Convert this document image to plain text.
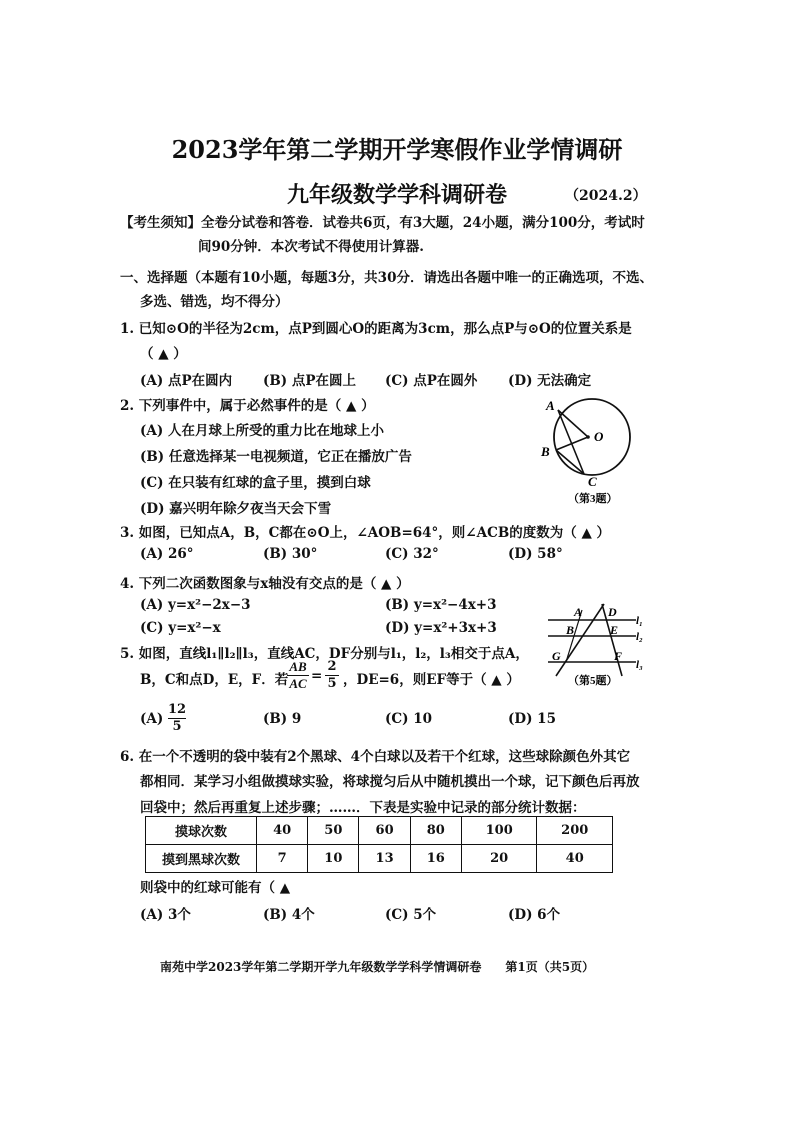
2023学年第二学期开学寒假作业学情调研
九年级数学学科调研卷	（2024.2）
【考生须知】全卷分试卷和答卷．试卷共6页，有3大题，24小题，满分100分，考试时
间90分钟．本次考试不得使用计算器.
一、选择题（本题有10小题，每题3分，共30分．请选出各题中唯一的正确选项，不选、
多选、错选，均不得分）
1. 已知⊙O的半径为2cm，点P到圆心O的距离为3cm，那么点P与⊙O的位置关系是
（ ▲ ）
(A) 点P在圆内 (B) 点P在圆上 (C) 点P在圆外 (D) 无法确定
2. 下列事件中，属于必然事件的是（ ▲ ）
(A) 人在月球上所受的重力比在地球上小
(B) 任意选择某一电视频道，它正在播放广告
(C) 在只装有红球的盒子里，摸到白球
(D) 嘉兴明年除夕夜当天会下雪
A
O
B
C
（第3题）
3. 如图，已知点A，B，C都在⊙O上，∠AOB=64°，则∠ACB的度数为（ ▲ ）
(A) 26°	(B) 30°	(C) 32°	(D) 58°
4. 下列二次函数图象与x轴没有交点的是（ ▲ ）
(A) y=x²−2x−3	(B) y=x²−4x+3
(C) y=x²−x	(D) y=x²+3x+3
A D
l₁
B	E l₂
G	F
l₃
（第5题）
5. 如图，直线l₁∥l₂∥l₃，直线AC，DF分别与l₁，l₂，l₃相交于点A，
B，C和点D，E，F．若
$\frac{AB}{AC} = \frac{2}{5}$ ，DE=6，则EF等于（ ▲ ）
$(A) \frac{12}{5}$	(B) 9	(C) 10	(D) 15
6. 在一个不透明的袋中装有2个黑球、4个白球以及若干个红球，这些球除颜色外其它
都相同．某学习小组做摸球实验，将球搅匀后从中随机摸出一个球，记下颜色后再放
回袋中；然后再重复上述步骤；……．下表是实验中记录的部分统计数据：
摸球次数	40	50	60	80	100	200
摸到黑球次数	7	10	13	16	20	40
则袋中的红球可能有（ ▲
(A) 3个	(B) 4个	(C) 5个	(D) 6个
南苑中学2023学年第二学期开学九年级数学学科学情调研卷　　第1页（共5页）
